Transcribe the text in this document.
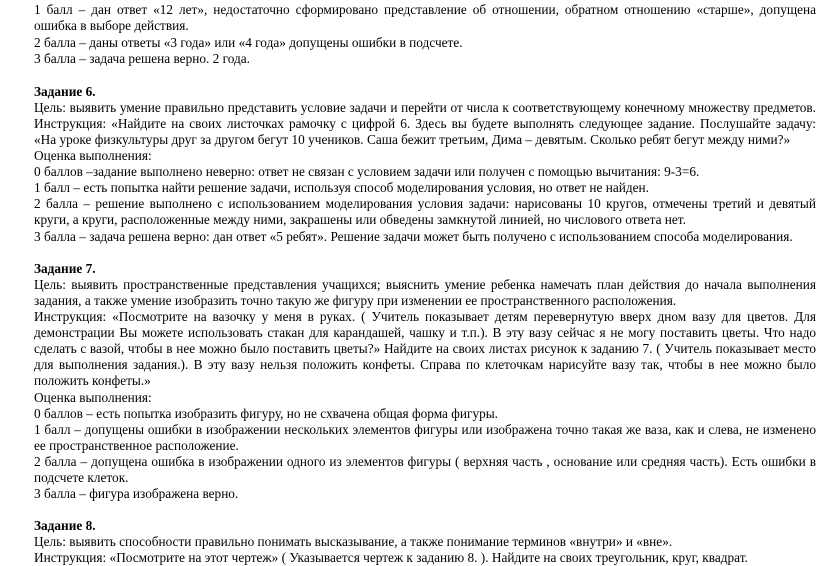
1 балл – дан ответ «12 лет», недостаточно сформировано представление об отношении, обратном отношению «старше», допущена
ошибка в выборе действия.
2 балла – даны ответы «3 года» или «4 года» допущены ошибки в подсчете.
3 балла – задача решена верно. 2 года.
Задание 6.
Цель: выявить умение правильно представить условие задачи и перейти от числа к соответствующему конечному множеству предметов.
Инструкция: «Найдите на своих листочках рамочку с цифрой 6. Здесь вы будете выполнять следующее задание. Послушайте задачу:
«На уроке физкультуры друг за другом бегут 10 учеников. Саша бежит третьим, Дима – девятым. Сколько ребят бегут между ними?»
Оценка выполнения:
0 баллов –задание выполнено неверно: ответ не связан с условием задачи или получен с помощью вычитания: 9-3=6.
1 балл – есть попытка найти решение задачи, используя способ моделирования условия, но ответ не найден.
2 балла – решение выполнено с использованием моделирования условия задачи: нарисованы 10 кругов, отмечены третий и девятый
круги, а круги, расположенные между ними, закрашены или обведены замкнутой линией, но числового ответа нет.
3 балла – задача решена верно: дан ответ «5 ребят». Решение задачи может быть получено с использованием способа моделирования.
Задание 7.
Цель: выявить пространственные представления учащихся; выяснить умение ребенка намечать план действия до начала выполнения
задания, а также умение изобразить точно такую же фигуру при изменении ее пространственного расположения.
Инструкция: «Посмотрите на вазочку у меня в руках. ( Учитель показывает детям перевернутую вверх дном вазу для цветов. Для
демонстрации Вы можете использовать стакан для карандашей, чашку и т.п.). В эту вазу сейчас я не могу поставить цветы. Что надо
сделать с вазой, чтобы в нее можно было поставить цветы?» Найдите на своих листах рисунок к заданию 7. ( Учитель показывает место
для выполнения задания.). В эту вазу нельзя положить конфеты. Справа по клеточкам нарисуйте вазу так, чтобы в нее можно было
положить конфеты.»
Оценка выполнения:
0 баллов – есть попытка изобразить фигуру, но не схвачена общая форма фигуры.
1 балл – допущены ошибки в изображении нескольких элементов фигуры или изображена точно такая же ваза, как и слева, не изменено
ее пространственное расположение.
2 балла – допущена ошибка в изображении одного из элементов фигуры ( верхняя часть , основание или средняя часть). Есть ошибки в
подсчете клеток.
3 балла – фигура изображена верно.
Задание 8.
Цель: выявить способности правильно понимать высказывание, а также понимание терминов «внутри» и «вне».
Инструкция: «Посмотрите на этот чертеж» ( Указывается чертеж к заданию 8. ). Найдите на своих треугольник, круг, квадрат.
